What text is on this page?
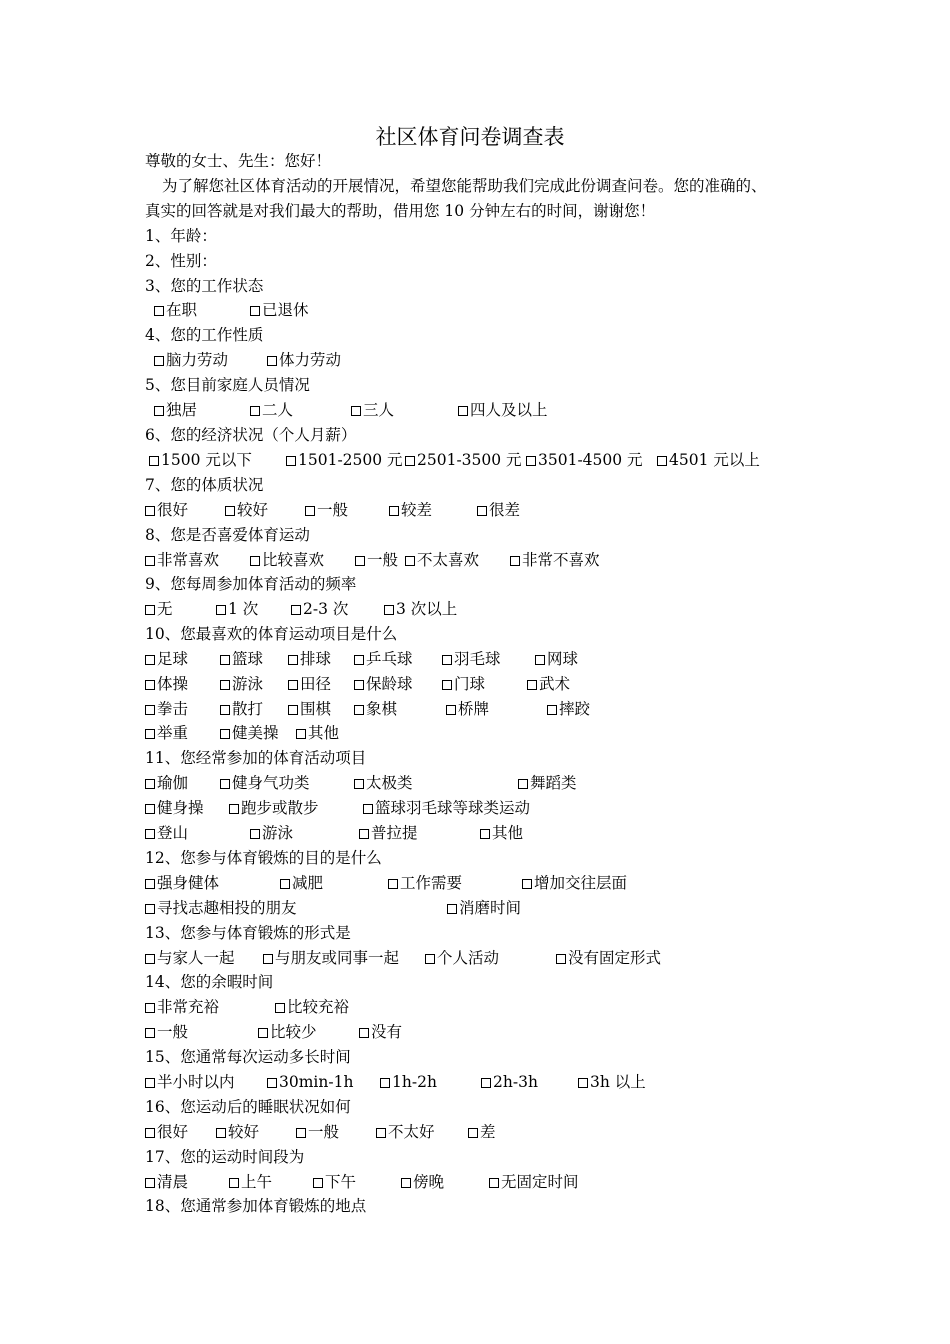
社区体育问卷调查表
尊敬的女士、先生：您好！
为了解您社区体育活动的开展情况，希望您能帮助我们完成此份调查问卷。您的准确的、
真实的回答就是对我们最大的帮助，借用您 10 分钟左右的时间，谢谢您！
1、年龄：
2、性别：
3、您的工作状态
在职	已退休
4、您的工作性质
脑力劳动	体力劳动
5、您目前家庭人员情况
独居	二人	三人	四人及以上
6、您的经济状况（个人月薪）
1500 元以下	1501-2500 元 2501-3500 元	3501-4500 元	4501 元以上
7、您的体质状况
很好	较好	一般	较差	很差
8、您是否喜爱体育运动
非常喜欢	比较喜欢	一般	不太喜欢	非常不喜欢
9、您每周参加体育活动的频率
无	1 次	2-3 次	3 次以上
10、您最喜欢的体育运动项目是什么
足球	篮球	排球	乒乓球	羽毛球	网球
体操	游泳	田径	保龄球	门球	武术
拳击	散打	围棋	象棋	桥牌	摔跤
举重	健美操	其他
11、您经常参加的体育活动项目
瑜伽	健身气功类	太极类	舞蹈类
健身操	跑步或散步	篮球羽毛球等球类运动
登山	游泳	普拉提	其他
12、您参与体育锻炼的目的是什么
强身健体	减肥	工作需要	增加交往层面
寻找志趣相投的朋友	消磨时间
13、您参与体育锻炼的形式是
与家人一起	与朋友或同事一起	个人活动	没有固定形式
14、您的余暇时间
非常充裕	比较充裕
一般	比较少	没有
15、您通常每次运动多长时间
半小时以内	30min-1h	1h-2h	2h-3h	3h 以上
16、您运动后的睡眠状况如何
很好	较好	一般	不太好	差
17、您的运动时间段为
清晨	上午	下午	傍晚	无固定时间
18、您通常参加体育锻炼的地点
